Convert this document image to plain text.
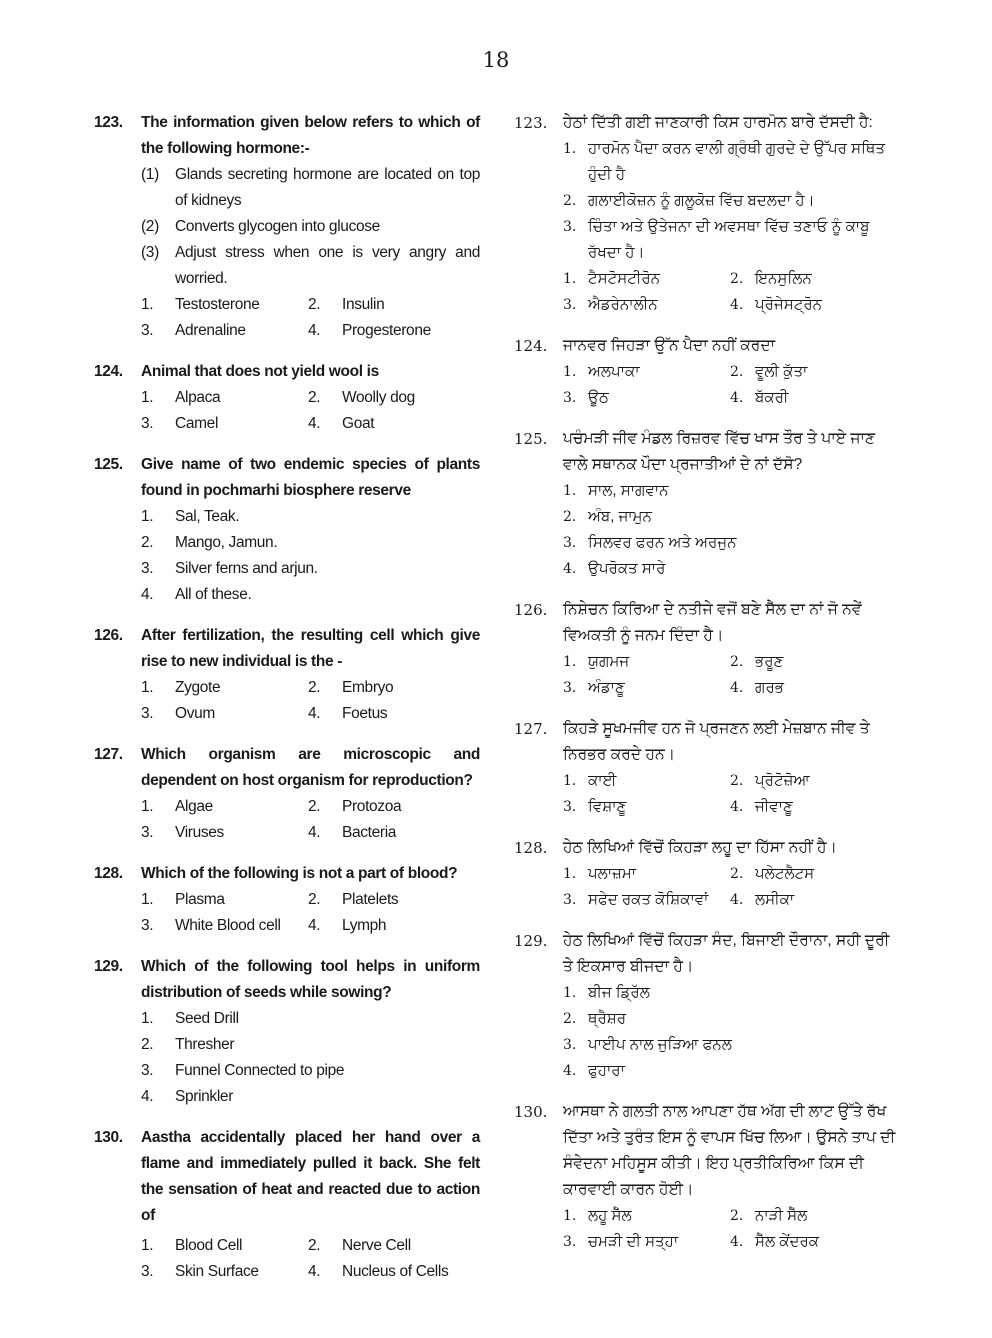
18
123.	The information given below refers to which of the following hormone:-
(1)	Glands secreting hormone are located on top of kidneys
(2)	Converts glycogen into glucose
(3)	Adjust stress when one is very angry and worried.
1.	Testosterone	2.	Insulin
3.	Adrenaline	4.	Progesterone
124.	Animal that does not yield wool is
1.	Alpaca	2.	Woolly dog
3.	Camel	4.	Goat
125.	Give name of two endemic species of plants found in pochmarhi biosphere reserve
1.	Sal, Teak.
2.	Mango, Jamun.
3.	Silver ferns and arjun.
4.	All of these.
126.	After fertilization, the resulting cell which give rise to new individual is the -
1.	Zygote	2.	Embryo
3.	Ovum	4.	Foetus
127.	Which organism are microscopic and dependent on host organism for reproduction?
1.	Algae	2.	Protozoa
3.	Viruses	4.	Bacteria
128.	Which of the following is not a part of blood?
1.	Plasma	2.	Platelets
3.	White Blood cell 4.	Lymph
129.	Which of the following tool helps in uniform distribution of seeds while sowing?
1.	Seed Drill
2.	Thresher
3.	Funnel Connected to pipe
4.	Sprinkler
130.	Aastha accidentally placed her hand over a flame and immediately pulled it back. She felt the sensation of heat and reacted due to action of
1.	Blood Cell	2.	Nerve Cell
3.	Skin Surface	4.	Nucleus of Cells
123.	ਹੇਠਾਂ ਦਿੱਤੀ ਗਈ ਜਾਣਕਾਰੀ ਕਿਸ ਹਾਰਮੋਨ ਬਾਰੇ ਦੱਸਦੀ ਹੈ:
1. ਹਾਰਮੋਨ ਪੈਦਾ ਕਰਨ ਵਾਲੀ ਗ੍ਰੰਥੀ ਗੁਰਦੇ ਦੇ ਉੱਪਰ ਸਥਿਤ ਹੁੰਦੀ ਹੈ
2. ਗਲਾਈਕੋਜ਼ਨ ਨੂੰ ਗਲੂਕੋਜ਼ ਵਿੱਚ ਬਦਲਦਾ ਹੈ।
3. ਚਿੰਤਾ ਅਤੇ ਉਤੇਜਨਾ ਦੀ ਅਵਸਥਾ ਵਿੱਚ ਤਣਾਓ ਨੂੰ ਕਾਬੂ ਰੱਖਦਾ ਹੈ।
1. ਟੈਸਟੋਸਟੀਰੋਨ	2. ਇਨਸੁਲਿਨ
3. ਐਡਰੇਨਾਲੀਨ	4. ਪ੍ਰੋਜੇਸਟ੍ਰੋਨ
124.	ਜਾਨਵਰ ਜਿਹੜਾ ਉੱਨ ਪੈਦਾ ਨਹੀਂ ਕਰਦਾ
1. ਅਲਪਾਕਾ	2. ਵੂਲੀ ਕੁੱਤਾ
3. ਊਠ	4. ਬੱਕਰੀ
125.	ਪਚੰਮੜੀ ਜੀਵ ਮੰਡਲ ਰਿਜ਼ਰਵ ਵਿੱਚ ਖਾਸ ਤੌਰ ਤੇ ਪਾਏ ਜਾਣ ਵਾਲੇ ਸਥਾਨਕ ਪੌਦਾ ਪ੍ਰਜਾਤੀਆਂ ਦੇ ਨਾਂ ਦੱਸੋ?
1. ਸਾਲ, ਸਾਗਵਾਨ
2. ਅੰਬ, ਜਾਮੁਨ
3. ਸਿਲਵਰ ਫਰਨ ਅਤੇ ਅਰਜੁਨ
4. ਉਪਰੋਕਤ ਸਾਰੇ
126.	ਨਿਸ਼ੇਚਨ ਕਿਰਿਆ ਦੇ ਨਤੀਜੇ ਵਜੋਂ ਬਣੇ ਸੈੱਲ ਦਾ ਨਾਂ ਜੋ ਨਵੇਂ ਵਿਅਕਤੀ ਨੂੰ ਜਨਮ ਦਿੰਦਾ ਹੈ।
1. ਯੁਗਮਜ	2. ਭਰੂਣ
3. ਅੰਡਾਣੂ	4. ਗਰਭ
127.	ਕਿਹੜੇ ਸੂਖਮਜੀਵ ਹਨ ਜੋ ਪ੍ਰਜਣਨ ਲਈ ਮੇਜ਼ਬਾਨ ਜੀਵ ਤੇ ਨਿਰਭਰ ਕਰਦੇ ਹਨ।
1. ਕਾਈ	2. ਪ੍ਰੋਟੋਜ਼ੋਆ
3. ਵਿਸ਼ਾਣੂ	4. ਜੀਵਾਣੂ
128.	ਹੇਠ ਲਿਖਿਆਂ ਵਿੱਚੋਂ ਕਿਹੜਾ ਲਹੂ ਦਾ ਹਿੱਸਾ ਨਹੀਂ ਹੈ।
1. ਪਲਾਜ਼ਮਾ	2. ਪਲੇਟਲੈਟਸ
3. ਸਫੇਦ ਰਕਤ ਕੋਸ਼ਿਕਾਵਾਂ 4. ਲਸੀਕਾ
129.	ਹੇਠ ਲਿਖਿਆਂ ਵਿੱਚੋਂ ਕਿਹੜਾ ਸੰਦ, ਬਿਜਾਈ ਦੌਰਾਨਾ, ਸਹੀ ਦੂਰੀ ਤੇ ਇਕਸਾਰ ਬੀਜਦਾ ਹੈ।
1. ਬੀਜ ਡ੍ਰਿੱਲ
2. ਥ੍ਰੈਸ਼ਰ
3. ਪਾਈਪ ਨਾਲ ਜੁੜਿਆ ਫਨਲ
4. ਫੁਹਾਰਾ
130.	ਆਸਥਾ ਨੇ ਗਲਤੀ ਨਾਲ ਆਪਣਾ ਹੱਥ ਅੱਗ ਦੀ ਲਾਟ ਉੱਤੇ ਰੱਖ ਦਿੱਤਾ ਅਤੇ ਤੁਰੰਤ ਇਸ ਨੂੰ ਵਾਪਸ ਖਿੱਚ ਲਿਆ। ਉਸਨੇ ਤਾਪ ਦੀ ਸੰਵੇਦਨਾ ਮਹਿਸੂਸ ਕੀਤੀ। ਇਹ ਪ੍ਰਤੀਕਿਰਿਆ ਕਿਸ ਦੀ ਕਾਰਵਾਈ ਕਾਰਨ ਹੋਈ।
1. ਲਹੂ ਸੈੱਲ	2. ਨਾੜੀ ਸੈੱਲ
3. ਚਮੜੀ ਦੀ ਸਤ੍ਹਾ	4. ਸੈੱਲ ਕੇਂਦਰਕ
